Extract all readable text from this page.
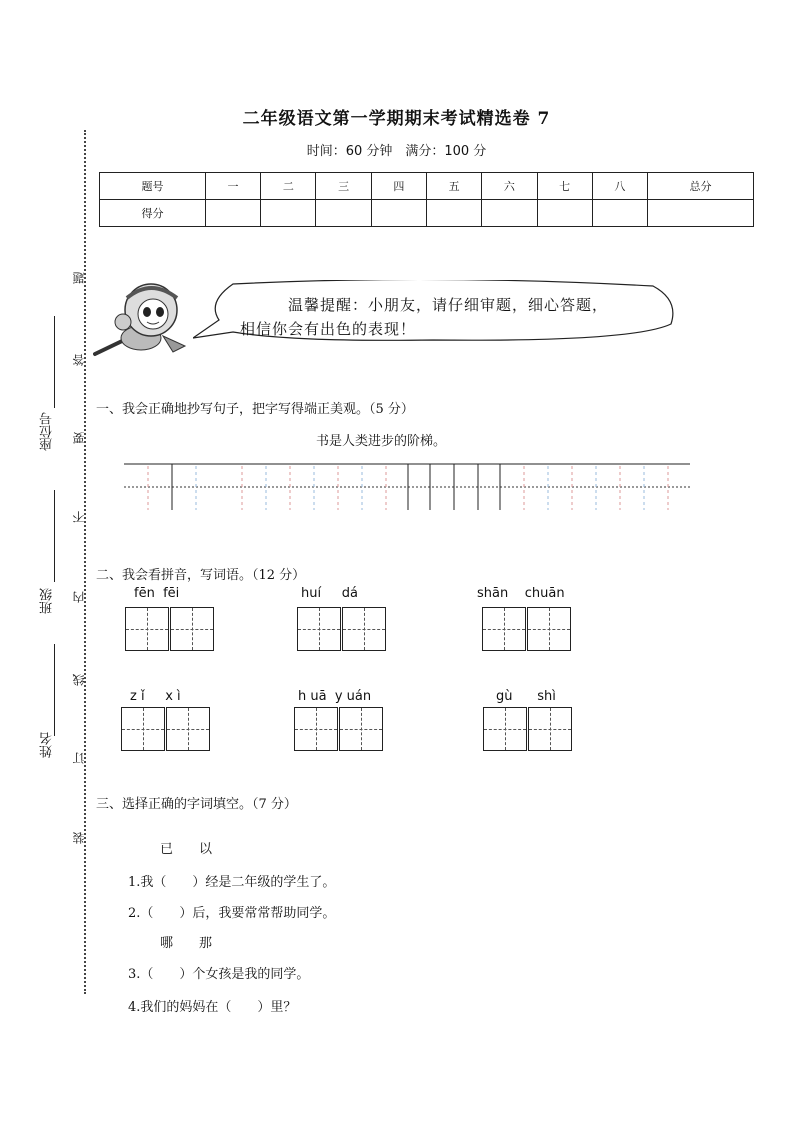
二年级语文第一学期期末考试精选卷 7
时间：60 分钟　满分：100 分
题号	一	二	三	四	五	六	七	八	总分
得分									
题
答
要
不
内
线
订
装
座位号
班级
姓名
温馨提醒：小朋友，请仔细审题，细心答题，
相信你会有出色的表现！
一、我会正确地抄写句子，把字写得端正美观。（5 分）
书是人类进步的阶梯。
二、我会看拼音，写词语。（12 分）
fēn  fēi	huí     dá	shān    chuān
z ǐ     x ì	h uā  y uán	gù      shì
三、选择正确的字词填空。（7 分）
已　　以
1.我（　　）经是二年级的学生了。
2.（　　）后，我要常常帮助同学。
哪　　那
3.（　　）个女孩是我的同学。
4.我们的妈妈在（　　）里？
